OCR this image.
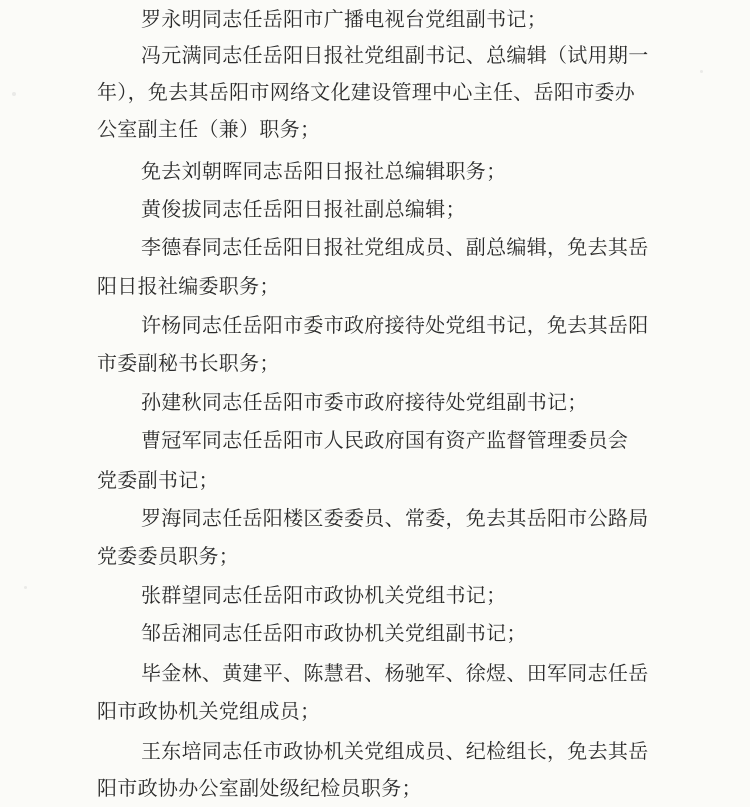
罗永明同志任岳阳市广播电视台党组副书记；
冯元满同志任岳阳日报社党组副书记、总编辑（试用期一
年），免去其岳阳市网络文化建设管理中心主任、岳阳市委办
公室副主任（兼）职务；
免去刘朝晖同志岳阳日报社总编辑职务；
黄俊拔同志任岳阳日报社副总编辑；
李德春同志任岳阳日报社党组成员、副总编辑，免去其岳
阳日报社编委职务；
许杨同志任岳阳市委市政府接待处党组书记，免去其岳阳
市委副秘书长职务；
孙建秋同志任岳阳市委市政府接待处党组副书记；
曹冠军同志任岳阳市人民政府国有资产监督管理委员会
党委副书记；
罗海同志任岳阳楼区委委员、常委，免去其岳阳市公路局
党委委员职务；
张群望同志任岳阳市政协机关党组书记；
邹岳湘同志任岳阳市政协机关党组副书记；
毕金林、黄建平、陈慧君、杨驰军、徐煜、田军同志任岳
阳市政协机关党组成员；
王东培同志任市政协机关党组成员、纪检组长，免去其岳
阳市政协办公室副处级纪检员职务；
